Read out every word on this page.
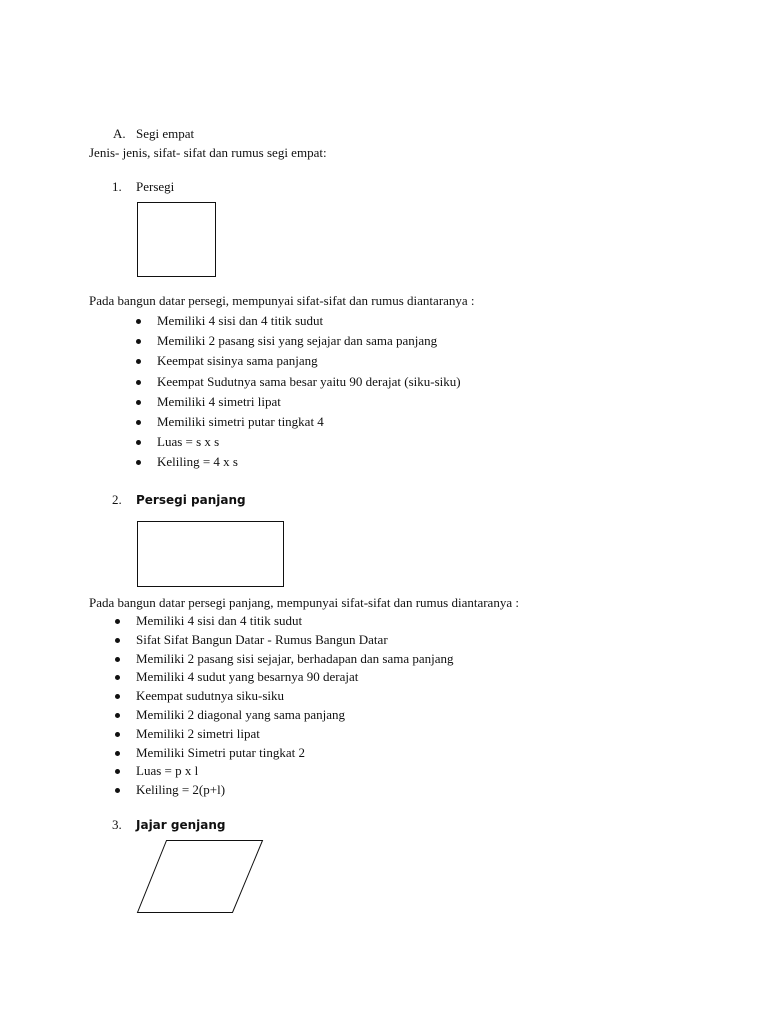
A. Segi empat
Jenis- jenis, sifat- sifat dan rumus segi empat:
1. Persegi
Pada bangun datar persegi, mempunyai sifat-sifat dan rumus diantaranya :
Memiliki 4 sisi dan 4 titik sudut
Memiliki 2 pasang sisi yang sejajar dan sama panjang
Keempat sisinya sama panjang
Keempat Sudutnya sama besar yaitu 90 derajat (siku-siku)
Memiliki 4 simetri lipat
Memiliki simetri putar tingkat 4
Luas = s x s
Keliling = 4 x s
2. Persegi panjang
Pada bangun datar persegi panjang, mempunyai sifat-sifat dan rumus diantaranya :
Memiliki 4 sisi dan 4 titik sudut
Sifat Sifat Bangun Datar - Rumus Bangun Datar
Memiliki 2 pasang sisi sejajar, berhadapan dan sama panjang
Memiliki 4 sudut yang besarnya 90 derajat
Keempat sudutnya siku-siku
Memiliki 2 diagonal yang sama panjang
Memiliki 2 simetri lipat
Memiliki Simetri putar tingkat 2
Luas = p x l
Keliling = 2(p+l)
3. Jajar genjang
